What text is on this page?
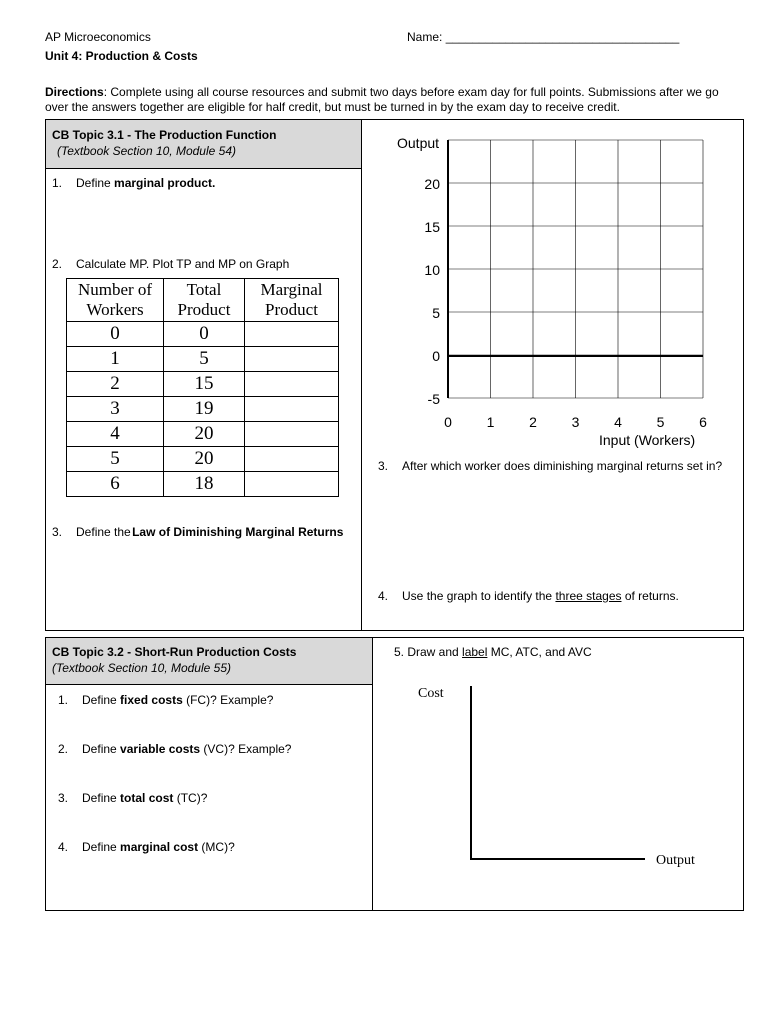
AP Microeconomics
Unit 4: Production & Costs
Name: ___________________________________
Directions: Complete using all course resources and submit two days before exam day for full points. Submissions after we go over the answers together are eligible for half credit, but must be turned in by the exam day to receive credit.
CB Topic 3.1 - The Production Function
(Textbook Section 10, Module 54)
1. Define marginal product.
2. Calculate MP. Plot TP and MP on Graph
Number of Workers	Total Product	Marginal Product
0	0	
1	5	
2	15	
3	19	
4	20	
5	20	
6	18	
3. Define the Law of Diminishing Marginal Returns
Output
Input (Workers)
20
15
10
5
0
-5
0 1 2 3 4 5 6
3. After which worker does diminishing marginal returns set in?
4. Use the graph to identify the three stages of returns.
CB Topic 3.2 - Short-Run Production Costs
(Textbook Section 10, Module 55)
1. Define fixed costs (FC)? Example?
2. Define variable costs (VC)? Example?
3. Define total cost (TC)?
4. Define marginal cost (MC)?
5. Draw and label MC, ATC, and AVC
Cost
Output
